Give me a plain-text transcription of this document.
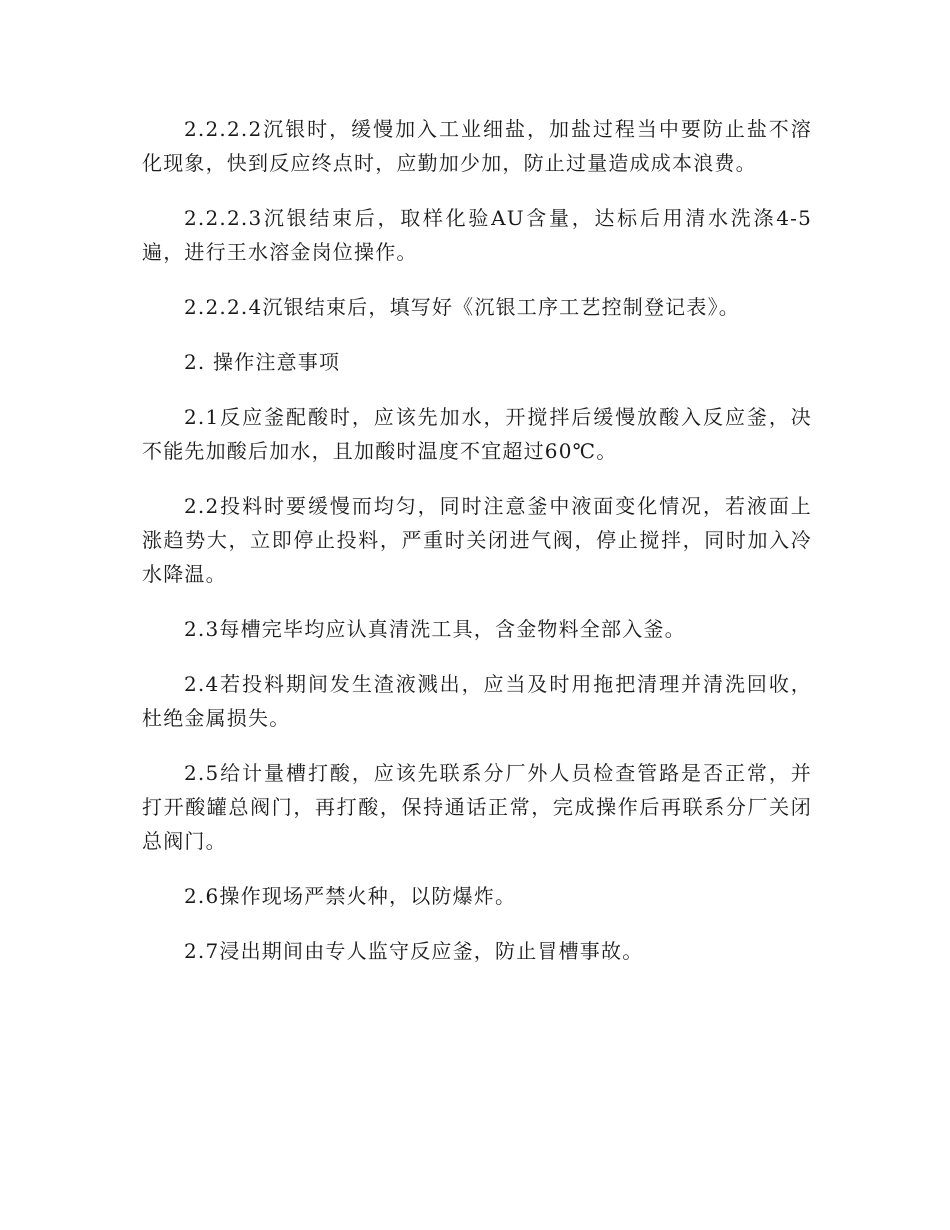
2.2.2.2沉银时，缓慢加入工业细盐，加盐过程当中要防止盐不溶化现象，快到反应终点时，应勤加少加，防止过量造成成本浪费。

2.2.2.3沉银结束后，取样化验AU含量，达标后用清水洗涤4-5遍，进行王水溶金岗位操作。

2.2.2.4沉银结束后，填写好《沉银工序工艺控制登记表》。

2. 操作注意事项

2.1反应釜配酸时，应该先加水，开搅拌后缓慢放酸入反应釜，决不能先加酸后加水，且加酸时温度不宜超过60℃。

2.2投料时要缓慢而均匀，同时注意釜中液面变化情况，若液面上涨趋势大，立即停止投料，严重时关闭进气阀，停止搅拌，同时加入冷水降温。

2.3每槽完毕均应认真清洗工具，含金物料全部入釜。

2.4若投料期间发生渣液溅出，应当及时用拖把清理并清洗回收，杜绝金属损失。

2.5给计量槽打酸，应该先联系分厂外人员检查管路是否正常，并打开酸罐总阀门，再打酸，保持通话正常，完成操作后再联系分厂关闭总阀门。

2.6操作现场严禁火种，以防爆炸。

2.7浸出期间由专人监守反应釜，防止冒槽事故。
